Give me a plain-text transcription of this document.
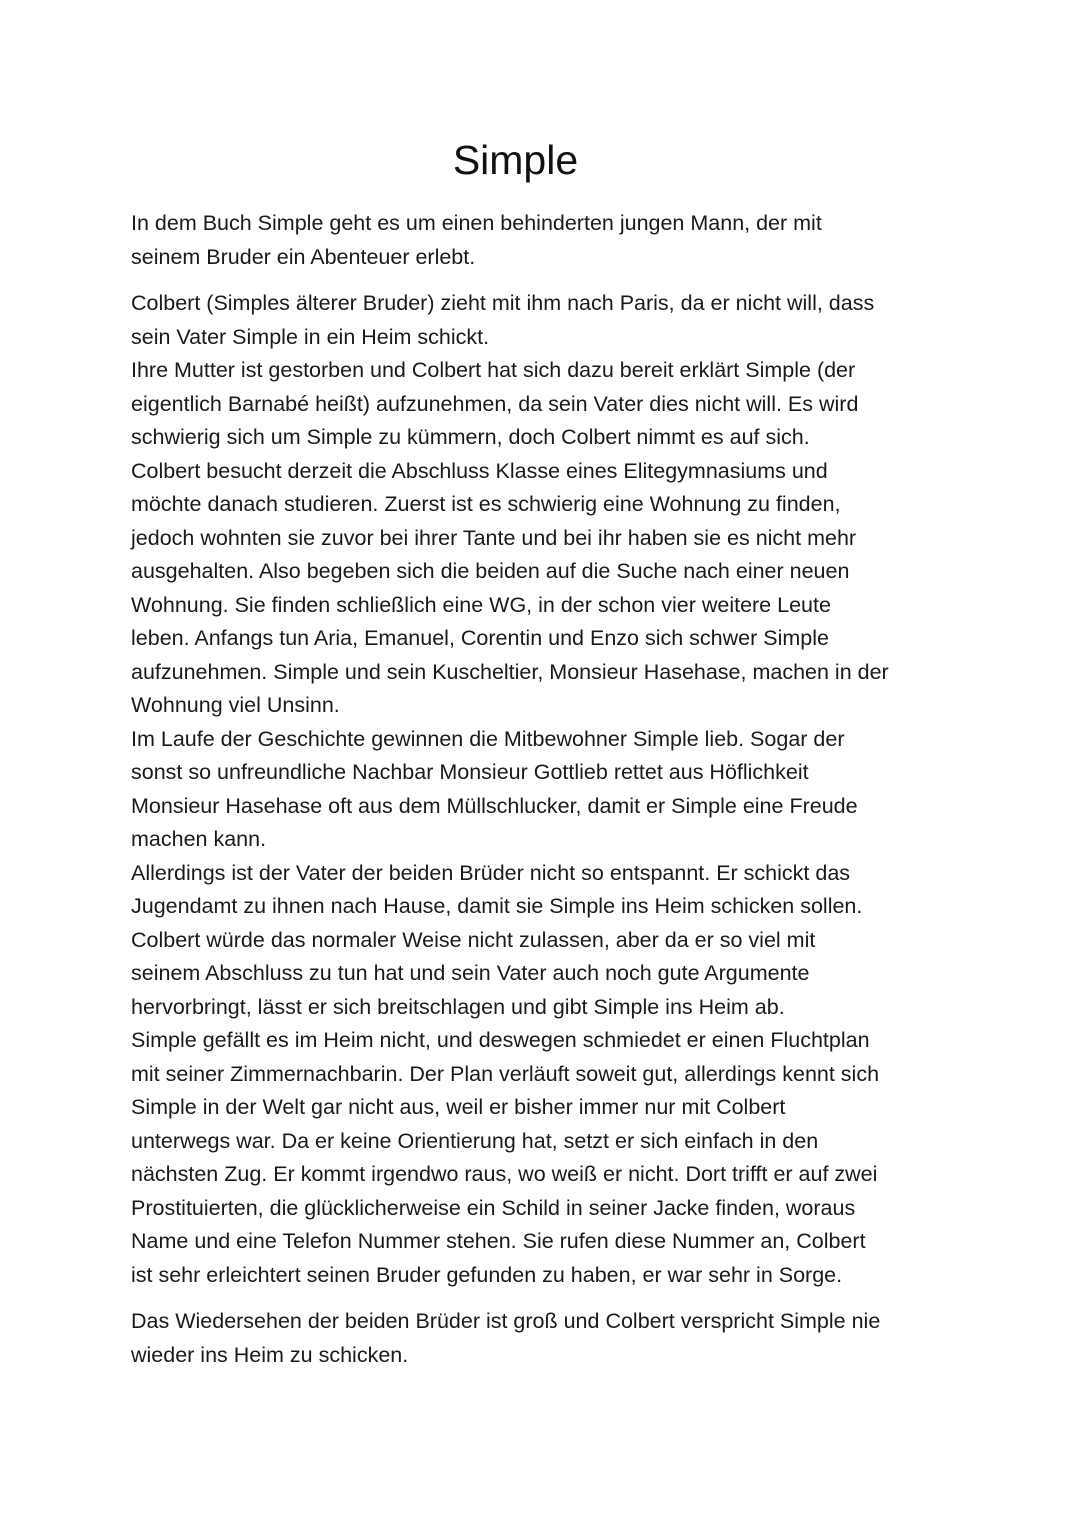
Simple
In dem Buch Simple geht es um einen behinderten jungen Mann, der mit
seinem Bruder ein Abenteuer erlebt.
Colbert (Simples älterer Bruder) zieht mit ihm nach Paris, da er nicht will, dass
sein Vater Simple in ein Heim schickt.
Ihre Mutter ist gestorben und Colbert hat sich dazu bereit erklärt Simple (der
eigentlich Barnabé heißt) aufzunehmen, da sein Vater dies nicht will. Es wird
schwierig sich um Simple zu kümmern, doch Colbert nimmt es auf sich.
Colbert besucht derzeit die Abschluss Klasse eines Elitegymnasiums und
möchte danach studieren. Zuerst ist es schwierig eine Wohnung zu finden,
jedoch wohnten sie zuvor bei ihrer Tante und bei ihr haben sie es nicht mehr
ausgehalten. Also begeben sich die beiden auf die Suche nach einer neuen
Wohnung. Sie finden schließlich eine WG, in der schon vier weitere Leute
leben. Anfangs tun Aria, Emanuel, Corentin und Enzo sich schwer Simple
aufzunehmen. Simple und sein Kuscheltier, Monsieur Hasehase, machen in der
Wohnung viel Unsinn.
Im Laufe der Geschichte gewinnen die Mitbewohner Simple lieb. Sogar der
sonst so unfreundliche Nachbar Monsieur Gottlieb rettet aus Höflichkeit
Monsieur Hasehase oft aus dem Müllschlucker, damit er Simple eine Freude
machen kann.
Allerdings ist der Vater der beiden Brüder nicht so entspannt. Er schickt das
Jugendamt zu ihnen nach Hause, damit sie Simple ins Heim schicken sollen.
Colbert würde das normaler Weise nicht zulassen, aber da er so viel mit
seinem Abschluss zu tun hat und sein Vater auch noch gute Argumente
hervorbringt, lässt er sich breitschlagen und gibt Simple ins Heim ab.
Simple gefällt es im Heim nicht, und deswegen schmiedet er einen Fluchtplan
mit seiner Zimmernachbarin. Der Plan verläuft soweit gut, allerdings kennt sich
Simple in der Welt gar nicht aus, weil er bisher immer nur mit Colbert
unterwegs war. Da er keine Orientierung hat, setzt er sich einfach in den
nächsten Zug. Er kommt irgendwo raus, wo weiß er nicht. Dort trifft er auf zwei
Prostituierten, die glücklicherweise ein Schild in seiner Jacke finden, woraus
Name und eine Telefon Nummer stehen. Sie rufen diese Nummer an, Colbert
ist sehr erleichtert seinen Bruder gefunden zu haben, er war sehr in Sorge.
Das Wiedersehen der beiden Brüder ist groß und Colbert verspricht Simple nie
wieder ins Heim zu schicken.
